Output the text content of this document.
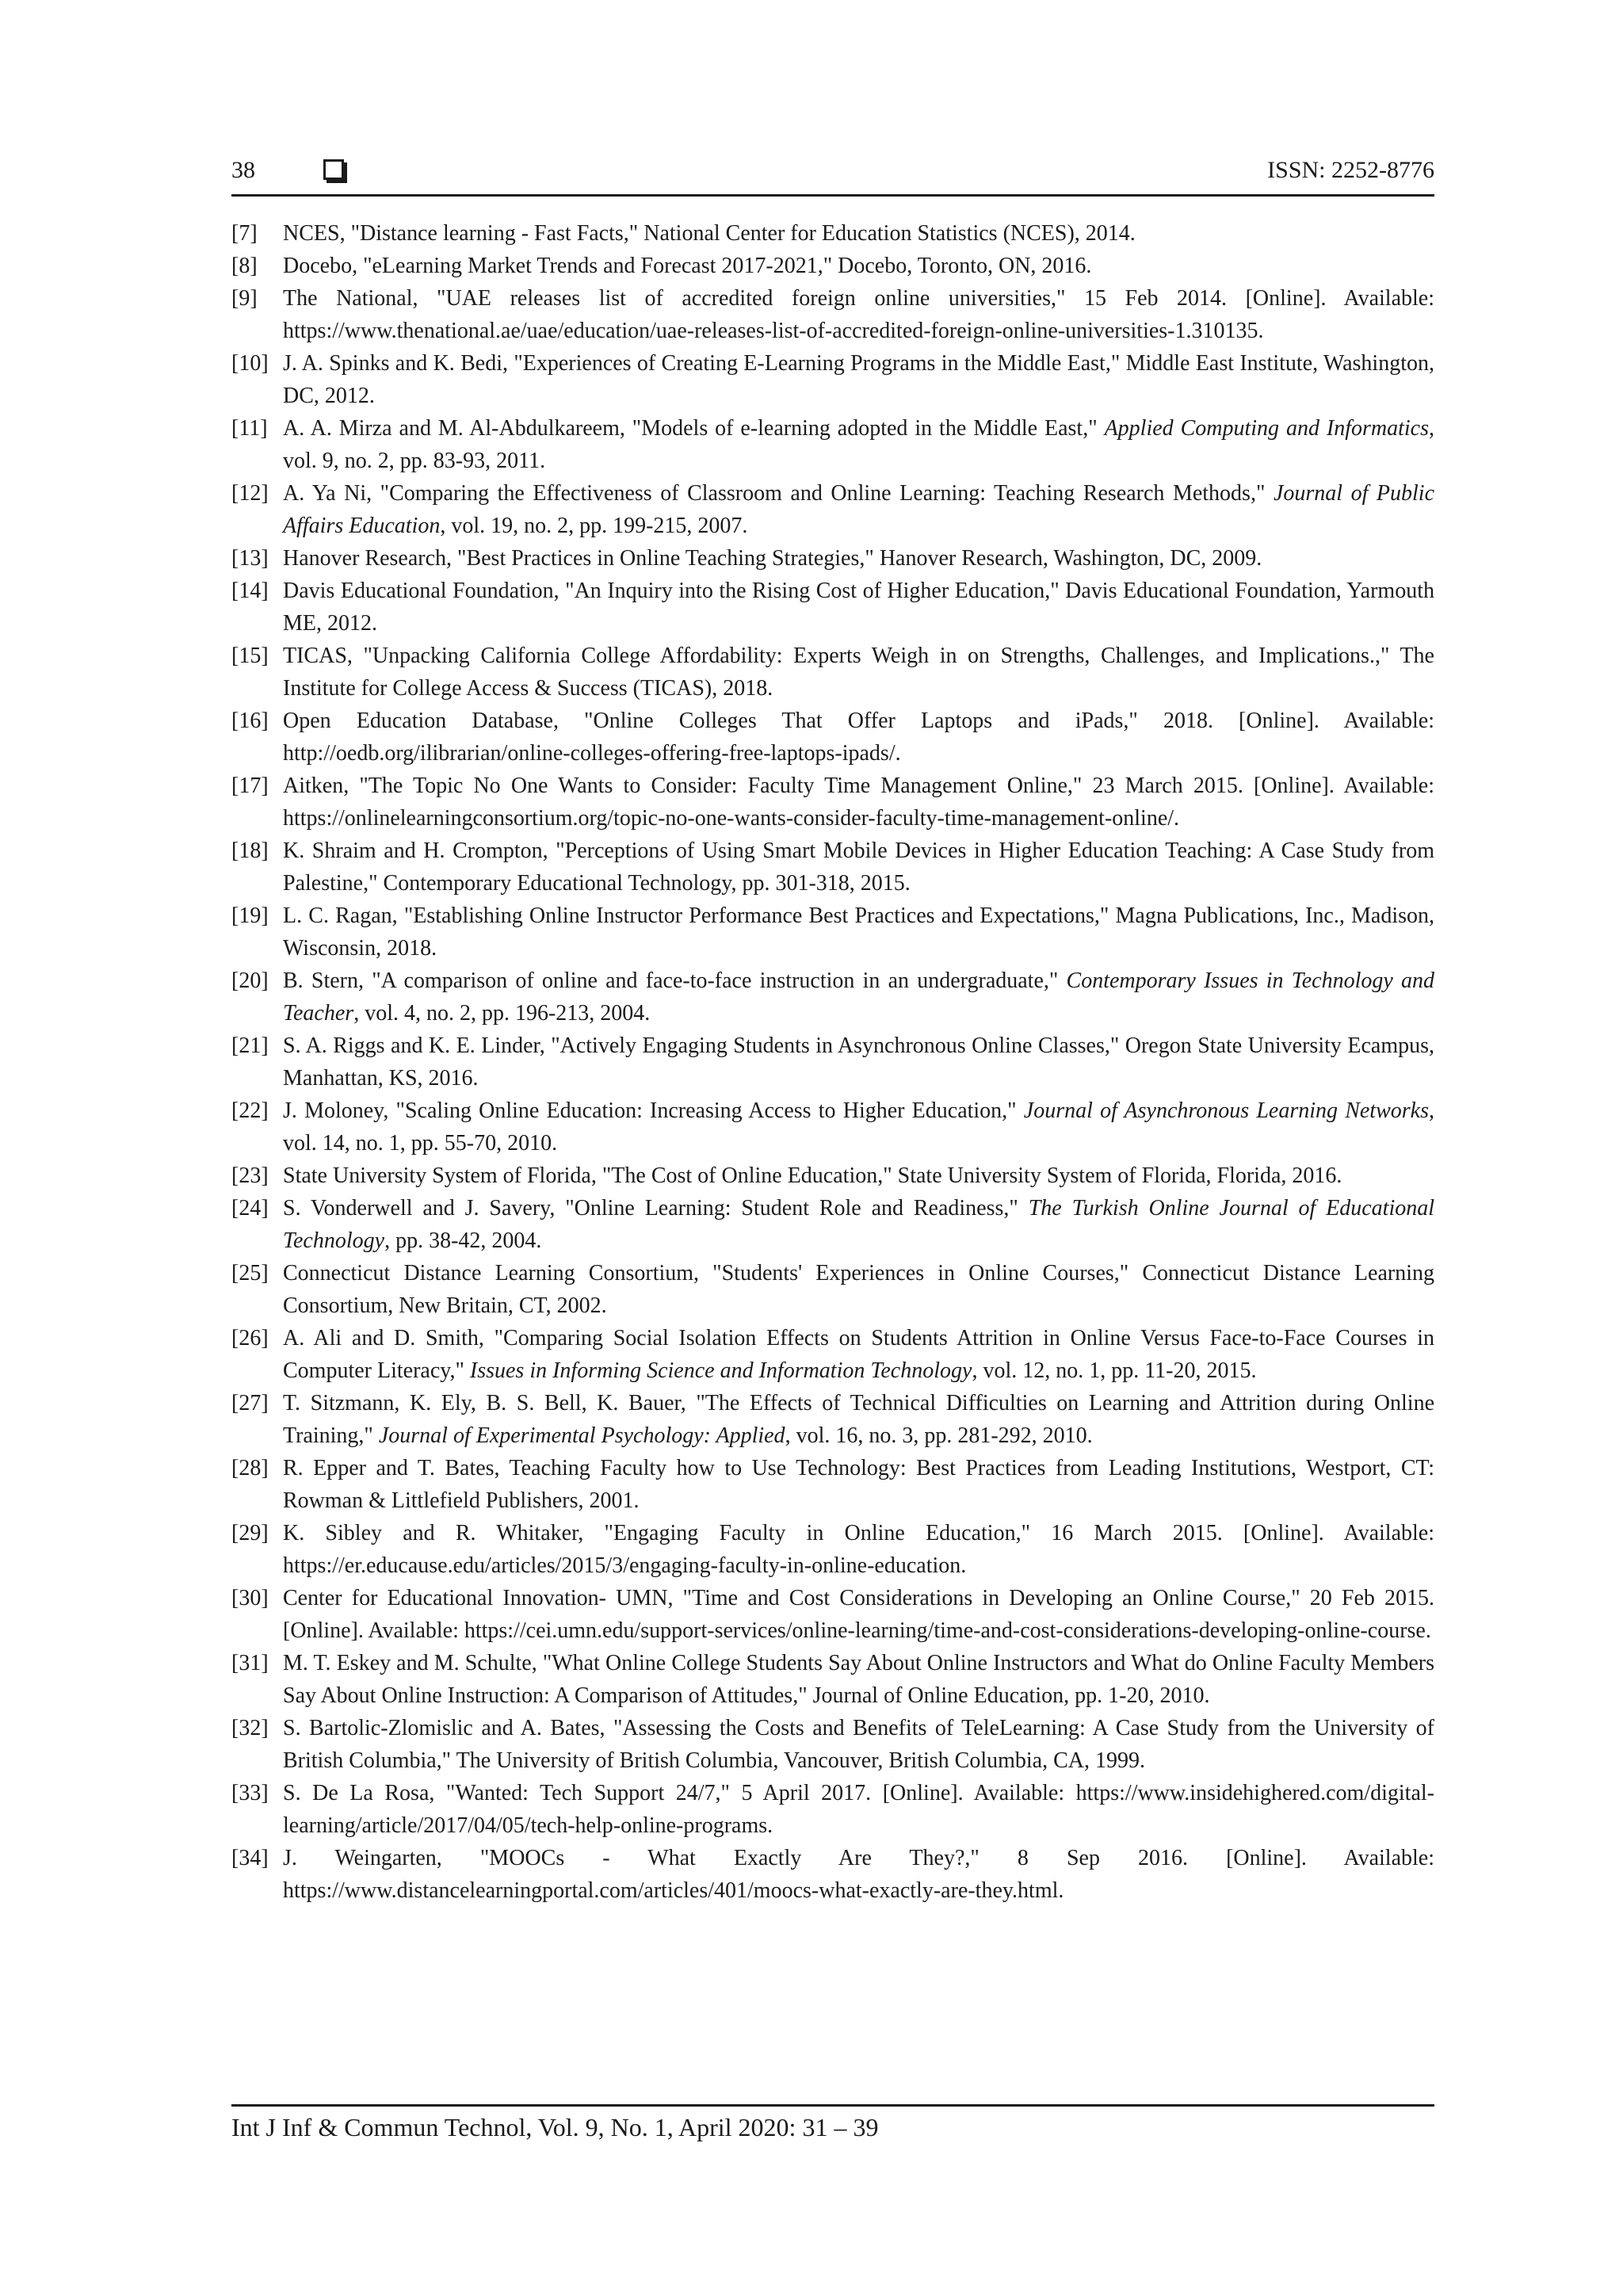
38	ISSN: 2252-8776
[7] NCES, "Distance learning - Fast Facts," National Center for Education Statistics (NCES), 2014.
[8] Docebo, "eLearning Market Trends and Forecast 2017-2021," Docebo, Toronto, ON, 2016.
[9] The National, "UAE releases list of accredited foreign online universities," 15 Feb 2014. [Online]. Available: https://www.thenational.ae/uae/education/uae-releases-list-of-accredited-foreign-online-universities-1.310135.
[10] J. A. Spinks and K. Bedi, "Experiences of Creating E-Learning Programs in the Middle East," Middle East Institute, Washington, DC, 2012.
[11] A. A. Mirza and M. Al-Abdulkareem, "Models of e-learning adopted in the Middle East," Applied Computing and Informatics, vol. 9, no. 2, pp. 83-93, 2011.
[12] A. Ya Ni, "Comparing the Effectiveness of Classroom and Online Learning: Teaching Research Methods," Journal of Public Affairs Education, vol. 19, no. 2, pp. 199-215, 2007.
[13] Hanover Research, "Best Practices in Online Teaching Strategies," Hanover Research, Washington, DC, 2009.
[14] Davis Educational Foundation, "An Inquiry into the Rising Cost of Higher Education," Davis Educational Foundation, Yarmouth ME, 2012.
[15] TICAS, "Unpacking California College Affordability: Experts Weigh in on Strengths, Challenges, and Implications.," The Institute for College Access & Success (TICAS), 2018.
[16] Open Education Database, "Online Colleges That Offer Laptops and iPads," 2018. [Online]. Available: http://oedb.org/ilibrarian/online-colleges-offering-free-laptops-ipads/.
[17] Aitken, "The Topic No One Wants to Consider: Faculty Time Management Online," 23 March 2015. [Online]. Available: https://onlinelearningconsortium.org/topic-no-one-wants-consider-faculty-time-management-online/.
[18] K. Shraim and H. Crompton, "Perceptions of Using Smart Mobile Devices in Higher Education Teaching: A Case Study from Palestine," Contemporary Educational Technology, pp. 301-318, 2015.
[19] L. C. Ragan, "Establishing Online Instructor Performance Best Practices and Expectations," Magna Publications, Inc., Madison, Wisconsin, 2018.
[20] B. Stern, "A comparison of online and face-to-face instruction in an undergraduate," Contemporary Issues in Technology and Teacher, vol. 4, no. 2, pp. 196-213, 2004.
[21] S. A. Riggs and K. E. Linder, "Actively Engaging Students in Asynchronous Online Classes," Oregon State University Ecampus, Manhattan, KS, 2016.
[22] J. Moloney, "Scaling Online Education: Increasing Access to Higher Education," Journal of Asynchronous Learning Networks, vol. 14, no. 1, pp. 55-70, 2010.
[23] State University System of Florida, "The Cost of Online Education," State University System of Florida, Florida, 2016.
[24] S. Vonderwell and J. Savery, "Online Learning: Student Role and Readiness," The Turkish Online Journal of Educational Technology, pp. 38-42, 2004.
[25] Connecticut Distance Learning Consortium, "Students' Experiences in Online Courses," Connecticut Distance Learning Consortium, New Britain, CT, 2002.
[26] A. Ali and D. Smith, "Comparing Social Isolation Effects on Students Attrition in Online Versus Face-to-Face Courses in Computer Literacy," Issues in Informing Science and Information Technology, vol. 12, no. 1, pp. 11-20, 2015.
[27] T. Sitzmann, K. Ely, B. S. Bell, K. Bauer, "The Effects of Technical Difficulties on Learning and Attrition during Online Training," Journal of Experimental Psychology: Applied, vol. 16, no. 3, pp. 281-292, 2010.
[28] R. Epper and T. Bates, Teaching Faculty how to Use Technology: Best Practices from Leading Institutions, Westport, CT: Rowman & Littlefield Publishers, 2001.
[29] K. Sibley and R. Whitaker, "Engaging Faculty in Online Education," 16 March 2015. [Online]. Available: https://er.educause.edu/articles/2015/3/engaging-faculty-in-online-education.
[30] Center for Educational Innovation- UMN, "Time and Cost Considerations in Developing an Online Course," 20 Feb 2015. [Online]. Available: https://cei.umn.edu/support-services/online-learning/time-and-cost-considerations-developing-online-course.
[31] M. T. Eskey and M. Schulte, "What Online College Students Say About Online Instructors and What do Online Faculty Members Say About Online Instruction: A Comparison of Attitudes," Journal of Online Education, pp. 1-20, 2010.
[32] S. Bartolic-Zlomislic and A. Bates, "Assessing the Costs and Benefits of TeleLearning: A Case Study from the University of British Columbia," The University of British Columbia, Vancouver, British Columbia, CA, 1999.
[33] S. De La Rosa, "Wanted: Tech Support 24/7," 5 April 2017. [Online]. Available: https://www.insidehighered.com/digital-learning/article/2017/04/05/tech-help-online-programs.
[34] J. Weingarten, "MOOCs - What Exactly Are They?," 8 Sep 2016. [Online]. Available: https://www.distancelearningportal.com/articles/401/moocs-what-exactly-are-they.html.
Int J Inf & Commun Technol, Vol. 9, No. 1, April 2020: 31 – 39
